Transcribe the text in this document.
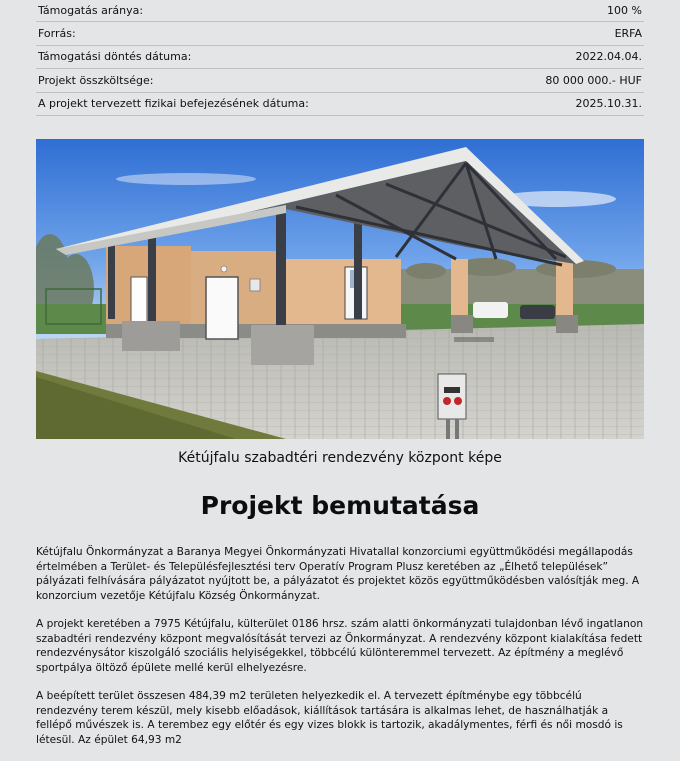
Támogatás aránya:	100 %
Forrás:	ERFA
Támogatási döntés dátuma:	2022.04.04.
Projekt összköltsége:	80 000 000.- HUF
A projekt tervezett fizikai befejezésének dátuma:	2025.10.31.
Kétújfalu szabadtéri rendezvény központ képe
Projekt bemutatása

Kétújfalu Önkormányzat a Baranya Megyei Önkormányzati Hivatallal konzorciumi együttműködési megállapodás értelmében a Terület- és Településfejlesztési terv Operatív Program Plusz keretében az „Élhető települések” pályázati felhívására pályázatot nyújtott be, a pályázatot és projektet közös együttműködésben valósítják meg. A konzorcium vezetője Kétújfalu Község Önkormányzat.

A projekt keretében a 7975 Kétújfalu, külterület 0186 hrsz. szám alatti önkormányzati tulajdonban lévő ingatlanon szabadtéri rendezvény központ megvalósítását tervezi az Önkormányzat. A rendezvény központ kialakítása fedett rendezvénysátor kiszolgáló szociális helyiségekkel, többcélú különteremmel tervezett. Az építmény a meglévő sportpálya öltöző épülete mellé kerül elhelyezésre.

A beépített terület összesen 484,39 m2 területen helyezkedik el. A tervezett építménybe egy többcélú rendezvény terem készül, mely kisebb előadások, kiállítások tartására is alkalmas lehet, de használhatják a fellépő művészek is. A terembez egy előtér és egy vizes blokk is tartozik, akadálymentes, férfi és női mosdó is létesül. Az épület 64,93 m2
